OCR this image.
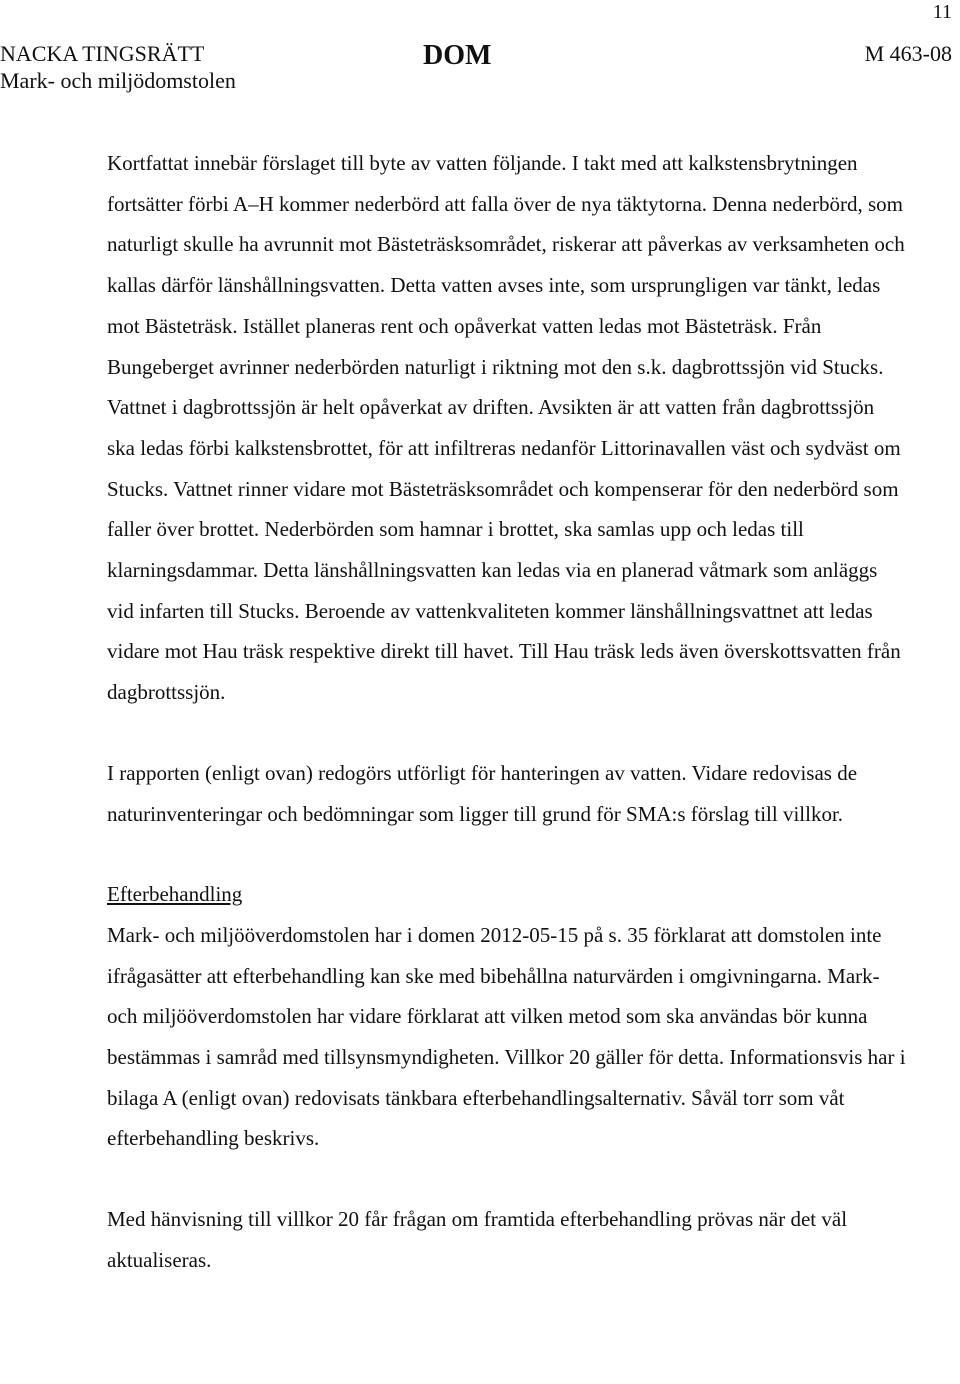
11
NACKA TINGSRÄTT
Mark- och miljödomstolen
DOM	M 463-08

Kortfattat innebär förslaget till byte av vatten följande. I takt med att kalkstensbrytningen fortsätter förbi A–H kommer nederbörd att falla över de nya täktytorna. Denna nederbörd, som naturligt skulle ha avrunnit mot Bästeträsksområdet, riskerar att påverkas av verksamheten och kallas därför länshållningsvatten. Detta vatten avses inte, som ursprungligen var tänkt, ledas mot Bästeträsk. Istället planeras rent och opåverkat vatten ledas mot Bästeträsk. Från Bungeberget avrinner nederbörden naturligt i riktning mot den s.k. dagbrottssjön vid Stucks. Vattnet i dagbrottssjön är helt opåverkat av driften. Avsikten är att vatten från dagbrottssjön ska ledas förbi kalkstensbrottet, för att infiltreras nedanför Littorinavallen väst och sydväst om Stucks. Vattnet rinner vidare mot Bästeträsksområdet och kompenserar för den nederbörd som faller över brottet. Nederbörden som hamnar i brottet, ska samlas upp och ledas till klarningsdammar. Detta länshållningsvatten kan ledas via en planerad våtmark som anläggs vid infarten till Stucks. Beroende av vattenkvaliteten kommer länshållningsvattnet att ledas vidare mot Hau träsk respektive direkt till havet. Till Hau träsk leds även överskottsvatten från dagbrottssjön.

I rapporten (enligt ovan) redogörs utförligt för hanteringen av vatten. Vidare redovisas de naturinventeringar och bedömningar som ligger till grund för SMA:s förslag till villkor.

Efterbehandling

Mark- och miljööverdomstolen har i domen 2012-05-15 på s. 35 förklarat att domstolen inte ifrågasätter att efterbehandling kan ske med bibehållna naturvärden i omgivningarna. Mark- och miljööverdomstolen har vidare förklarat att vilken metod som ska användas bör kunna bestämmas i samråd med tillsynsmyndigheten. Villkor 20 gäller för detta. Informationsvis har i bilaga A (enligt ovan) redovisats tänkbara efterbehandlingsalternativ. Såväl torr som våt efterbehandling beskrivs.

Med hänvisning till villkor 20 får frågan om framtida efterbehandling prövas när det väl aktualiseras.
